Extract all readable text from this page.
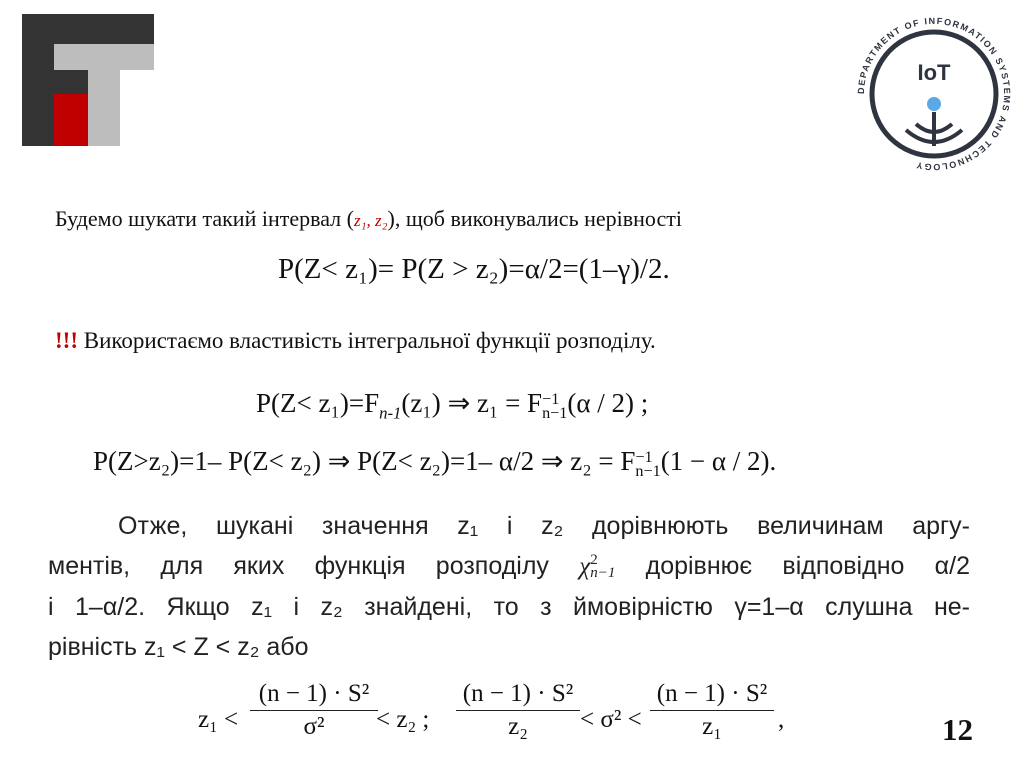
DEPARTMENT OF INFORMATION SYSTEMS AND TECHNOLOGY
IoT
Будемо шукати такий інтервал (z₁, z₂), щоб виконувались нерівності
P(Z< z₁)= P(Z > z₂)=α/2=(1–γ)/2.
!!! Використаємо властивість інтегральної функції розподілу.
$P(Z< z_1)=F_{n-1}(z_1)$ ⇒ z₁ = F −1
n−1 (α / 2) ;
P(Z>z₂)=1– P(Z< z₂) ⇒ P(Z< z₂)=1– α/2 ⇒ z₂ = F −1
n−1 (1 − α / 2).
Отже, шукані значення z₁ і z₂ дорівнюють величинам аргу-
ментів, для яких функція розподілу χ 2
n−1 дорівнює відповідно α/2
і 1–α/2. Якщо z₁ і z₂ знайдені, то з ймовірністю γ=1–α слушна не-
рівність z₁ < Z < z₂ або
$z_1 < \frac{\text{(n − 1) · S²}}{\text{σ²}}$
< z₂ ; $\frac{\text{(n − 1) · S²}}{\text{z₂}} < \sigma^2 < \frac{\text{(n − 1) · S²}}{\text{z₁}}$ ,	12
